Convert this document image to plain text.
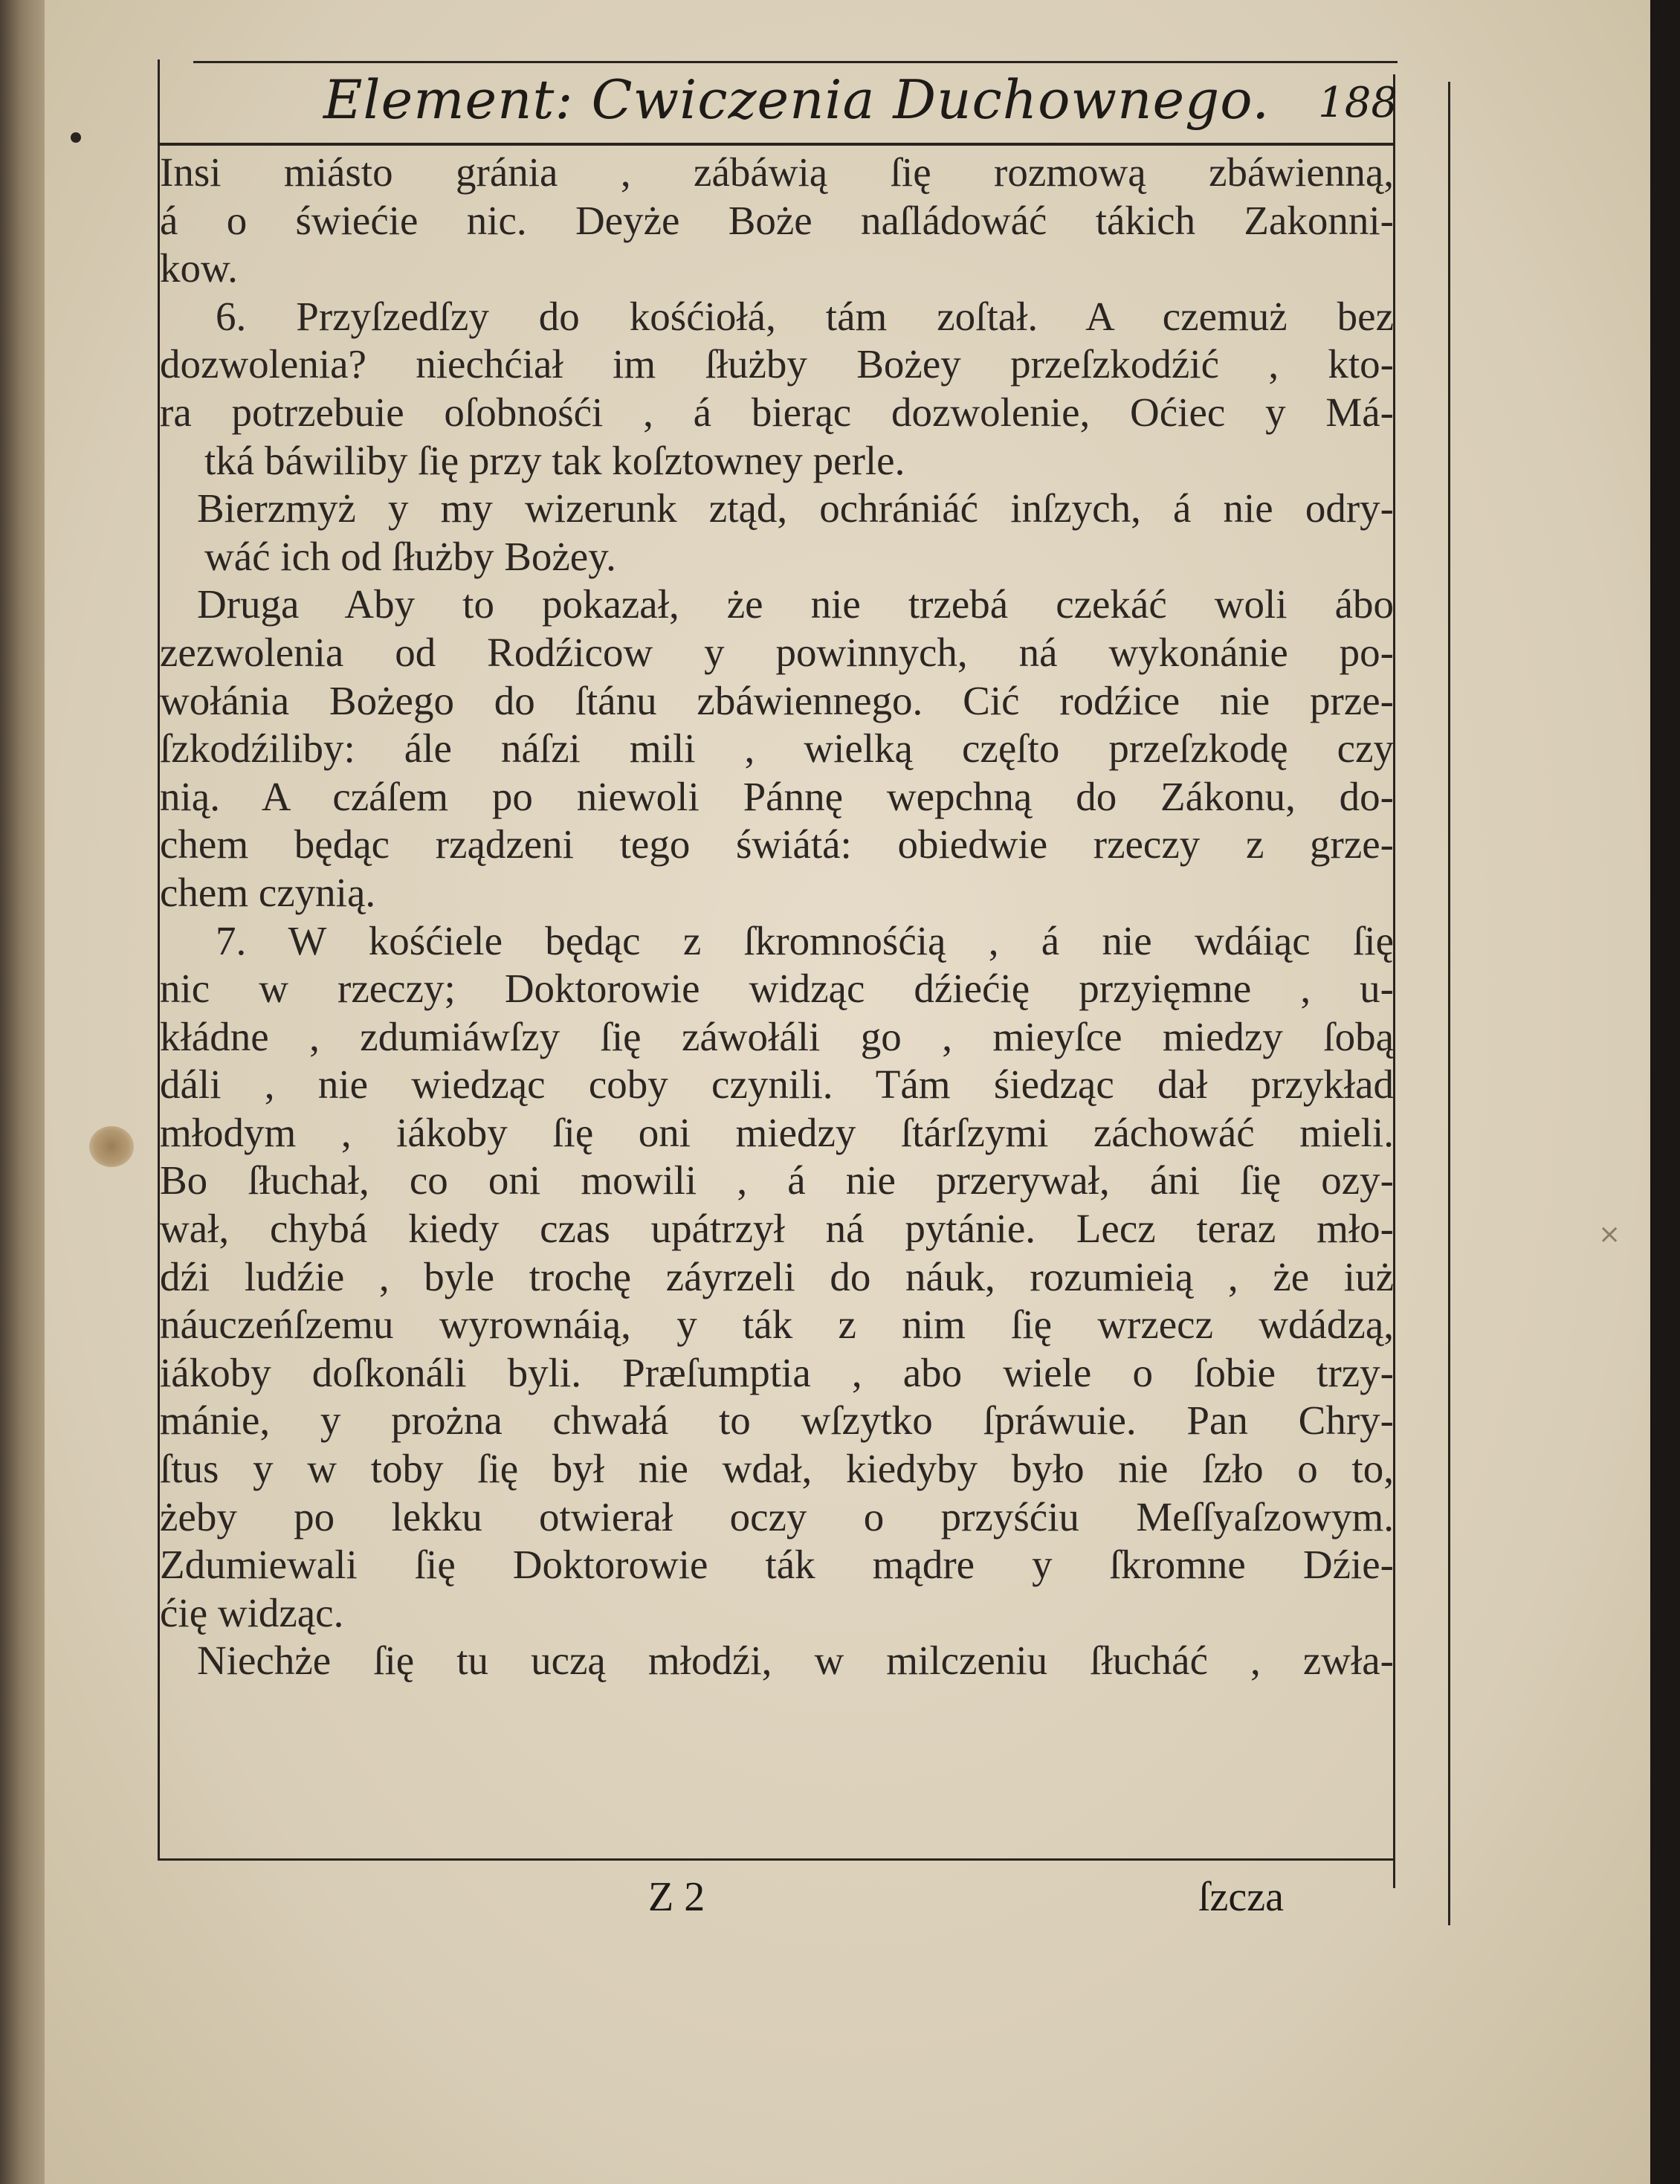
×
Element: Cwiczenia Duchownego. 188
Insi miásto gránia , zábáwią ſię rozmową zbáwienną,
á o świećie nic. Deyże Boże naſládowáć tákich Zakonni-
kow.
6. Przyſzedſzy do kośćiołá, tám zoſtał. A czemuż bez
dozwolenia? niechćiał im ſłużby Bożey przeſzkodźić , kto-
ra potrzebuie oſobnośći , á bierąc dozwolenie, Oćiec y Má-
tká báwiliby ſię przy tak koſztowney perle.
Bierzmyż y my wizerunk ztąd, ochrániáć inſzych, á nie odry-
wáć ich od ſłużby Bożey.
Druga Aby to pokazał, że nie trzebá czekáć woli ábo
zezwolenia od Rodźicow y powinnych, ná wykonánie po-
wołánia Bożego do ſtánu zbáwiennego. Cić rodźice nie prze-
ſzkodźiliby: ále náſzi mili , wielką częſto przeſzkodę czy
nią. A czáſem po niewoli Pánnę wepchną do Zákonu, do-
chem będąc rządzeni tego świátá: obiedwie rzeczy z grze-
chem czynią.
7. W kośćiele będąc z ſkromnośćią , á nie wdáiąc ſię
nic w rzeczy; Doktorowie widząc dźiećię przyięmne , u-
kłádne , zdumiáwſzy ſię záwołáli go , mieyſce miedzy ſobą
dáli , nie wiedząc coby czynili. Tám śiedząc dał przykład
młodym , iákoby ſię oni miedzy ſtárſzymi záchowáć mieli.
Bo ſłuchał, co oni mowili , á nie przerywał, áni ſię ozy-
wał, chybá kiedy czas upátrzył ná pytánie. Lecz teraz mło-
dźi ludźie , byle trochę záyrzeli do náuk, rozumieią , że iuż
náuczeńſzemu wyrownáią, y ták z nim ſię wrzecz wdádzą,
iákoby doſkonáli byli. Præſumptia , abo wiele o ſobie trzy-
mánie, y prożna chwałá to wſzytko ſpráwuie. Pan Chry-
ſtus y w toby ſię był nie wdał, kiedyby było nie ſzło o to,
żeby po lekku otwierał oczy o przyśćiu Meſſyaſzowym.
Zdumiewali ſię Doktorowie ták mądre y ſkromne Dźie-
ćię widząc.
Niechże ſię tu uczą młodźi, w milczeniu ſłucháć , zwła-
Z 2	ſzcza
